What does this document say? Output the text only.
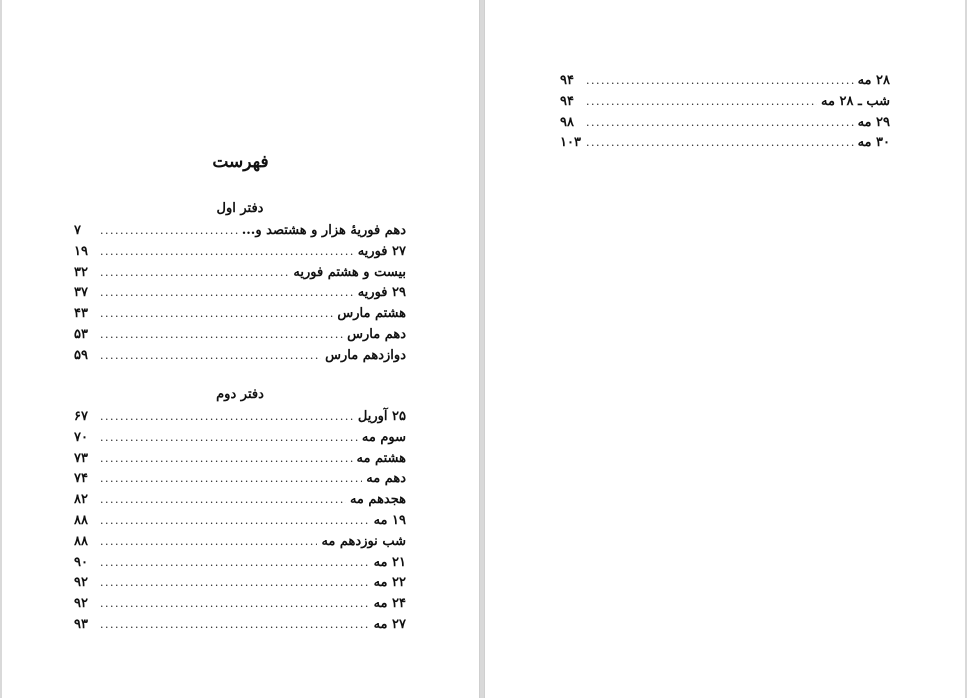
فهرست
دفتر اول
دهم فوریهٔ هزار و هشتصد و...
.....
۷
۲۷ فوریه
.....
۱۹
بیست و هشتم فوریه
.....
۳۲
۲۹ فوریه
.....
۳۷
هشتم مارس
.....
۴۳
دهم مارس
.....
۵۳
دوازدهم مارس
.....
۵۹
دفتر دوم
۲۵ آوریل
.....
۶۷
سوم مه
.....
۷۰
هشتم مه
.....
۷۳
دهم مه
.....
۷۴
هجدهم مه
.....
۸۲
۱۹ مه
.....
۸۸
شب نوزدهم مه
.....
۸۸
۲۱ مه
.....
۹۰
۲۲ مه
.....
۹۲
۲۴ مه
.....
۹۲
۲۷ مه
.....
۹۳
۲۸ مه
.....
۹۴
شب ـ ۲۸ مه
.....
۹۴
۲۹ مه
.....
۹۸
۳۰ مه
.....
۱۰۳
